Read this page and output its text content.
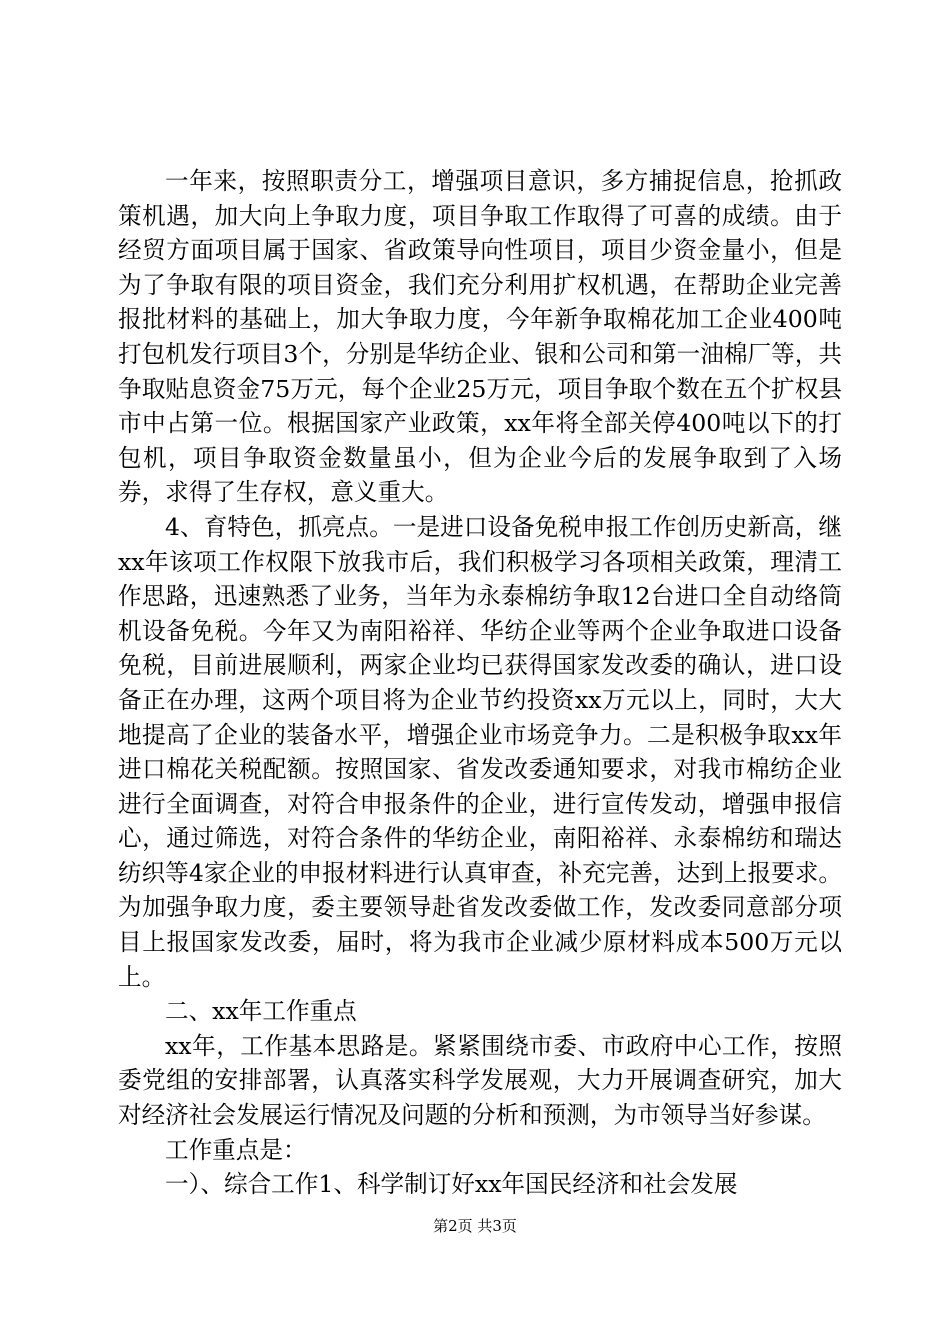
一年来，按照职责分工，增强项目意识，多方捕捉信息，抢抓政策机遇，加大向上争取力度，项目争取工作取得了可喜的成绩。由于经贸方面项目属于国家、省政策导向性项目，项目少资金量小，但是为了争取有限的项目资金，我们充分利用扩权机遇，在帮助企业完善报批材料的基础上，加大争取力度，今年新争取棉花加工企业400吨打包机发行项目3个，分别是华纺企业、银和公司和第一油棉厂等，共争取贴息资金75万元，每个企业25万元，项目争取个数在五个扩权县市中占第一位。根据国家产业政策，xx年将全部关停400吨以下的打包机，项目争取资金数量虽小，但为企业今后的发展争取到了入场券，求得了生存权，意义重大。

4、育特色，抓亮点。一是进口设备免税申报工作创历史新高，继xx年该项工作权限下放我市后，我们积极学习各项相关政策，理清工作思路，迅速熟悉了业务，当年为永泰棉纺争取12台进口全自动络筒机设备免税。今年又为南阳裕祥、华纺企业等两个企业争取进口设备免税，目前进展顺利，两家企业均已获得国家发改委的确认，进口设备正在办理，这两个项目将为企业节约投资xx万元以上，同时，大大地提高了企业的装备水平，增强企业市场竞争力。二是积极争取xx年进口棉花关税配额。按照国家、省发改委通知要求，对我市棉纺企业进行全面调查，对符合申报条件的企业，进行宣传发动，增强申报信心，通过筛选，对符合条件的华纺企业，南阳裕祥、永泰棉纺和瑞达纺织等4家企业的申报材料进行认真审查，补充完善，达到上报要求。为加强争取力度，委主要领导赴省发改委做工作，发改委同意部分项目上报国家发改委，届时，将为我市企业减少原材料成本500万元以上。

二、xx年工作重点

xx年，工作基本思路是。紧紧围绕市委、市政府中心工作，按照委党组的安排部署，认真落实科学发展观，大力开展调查研究，加大对经济社会发展运行情况及问题的分析和预测，为市领导当好参谋。

工作重点是：

一）、综合工作1、科学制订好xx年国民经济和社会发展

第2页 共3页
